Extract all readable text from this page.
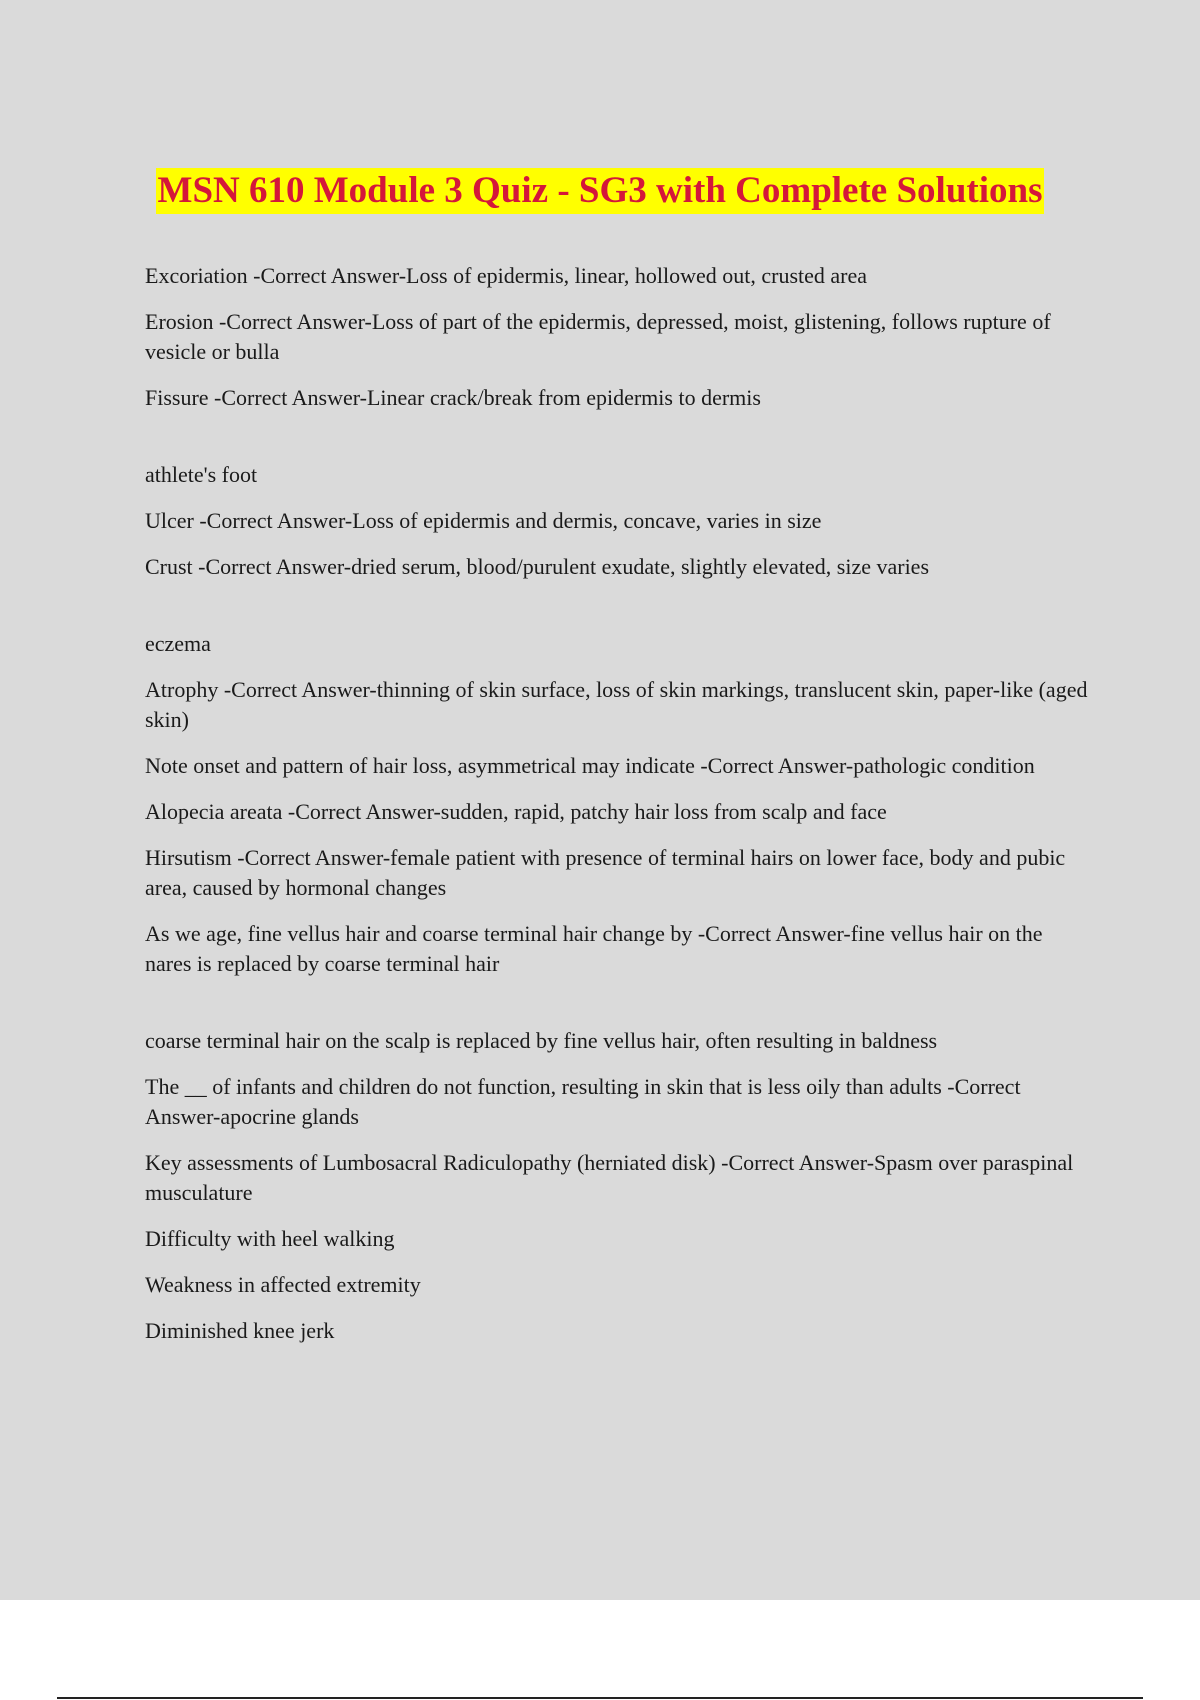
MSN 610 Module 3 Quiz - SG3 with Complete Solutions

Excoriation -Correct Answer-Loss of epidermis, linear, hollowed out, crusted area

Erosion -Correct Answer-Loss of part of the epidermis, depressed, moist, glistening, follows rupture of vesicle or bulla

Fissure -Correct Answer-Linear crack/break from epidermis to dermis

athlete's foot

Ulcer -Correct Answer-Loss of epidermis and dermis, concave, varies in size

Crust -Correct Answer-dried serum, blood/purulent exudate, slightly elevated, size varies

eczema

Atrophy -Correct Answer-thinning of skin surface, loss of skin markings, translucent skin, paper-like (aged skin)

Note onset and pattern of hair loss, asymmetrical may indicate -Correct Answer-pathologic condition

Alopecia areata -Correct Answer-sudden, rapid, patchy hair loss from scalp and face

Hirsutism -Correct Answer-female patient with presence of terminal hairs on lower face, body and pubic area, caused by hormonal changes

As we age, fine vellus hair and coarse terminal hair change by -Correct Answer-fine vellus hair on the nares is replaced by coarse terminal hair

coarse terminal hair on the scalp is replaced by fine vellus hair, often resulting in baldness

The __ of infants and children do not function, resulting in skin that is less oily than adults -Correct Answer-apocrine glands

Key assessments of Lumbosacral Radiculopathy (herniated disk) -Correct Answer-Spasm over paraspinal musculature

Difficulty with heel walking

Weakness in affected extremity

Diminished knee jerk
